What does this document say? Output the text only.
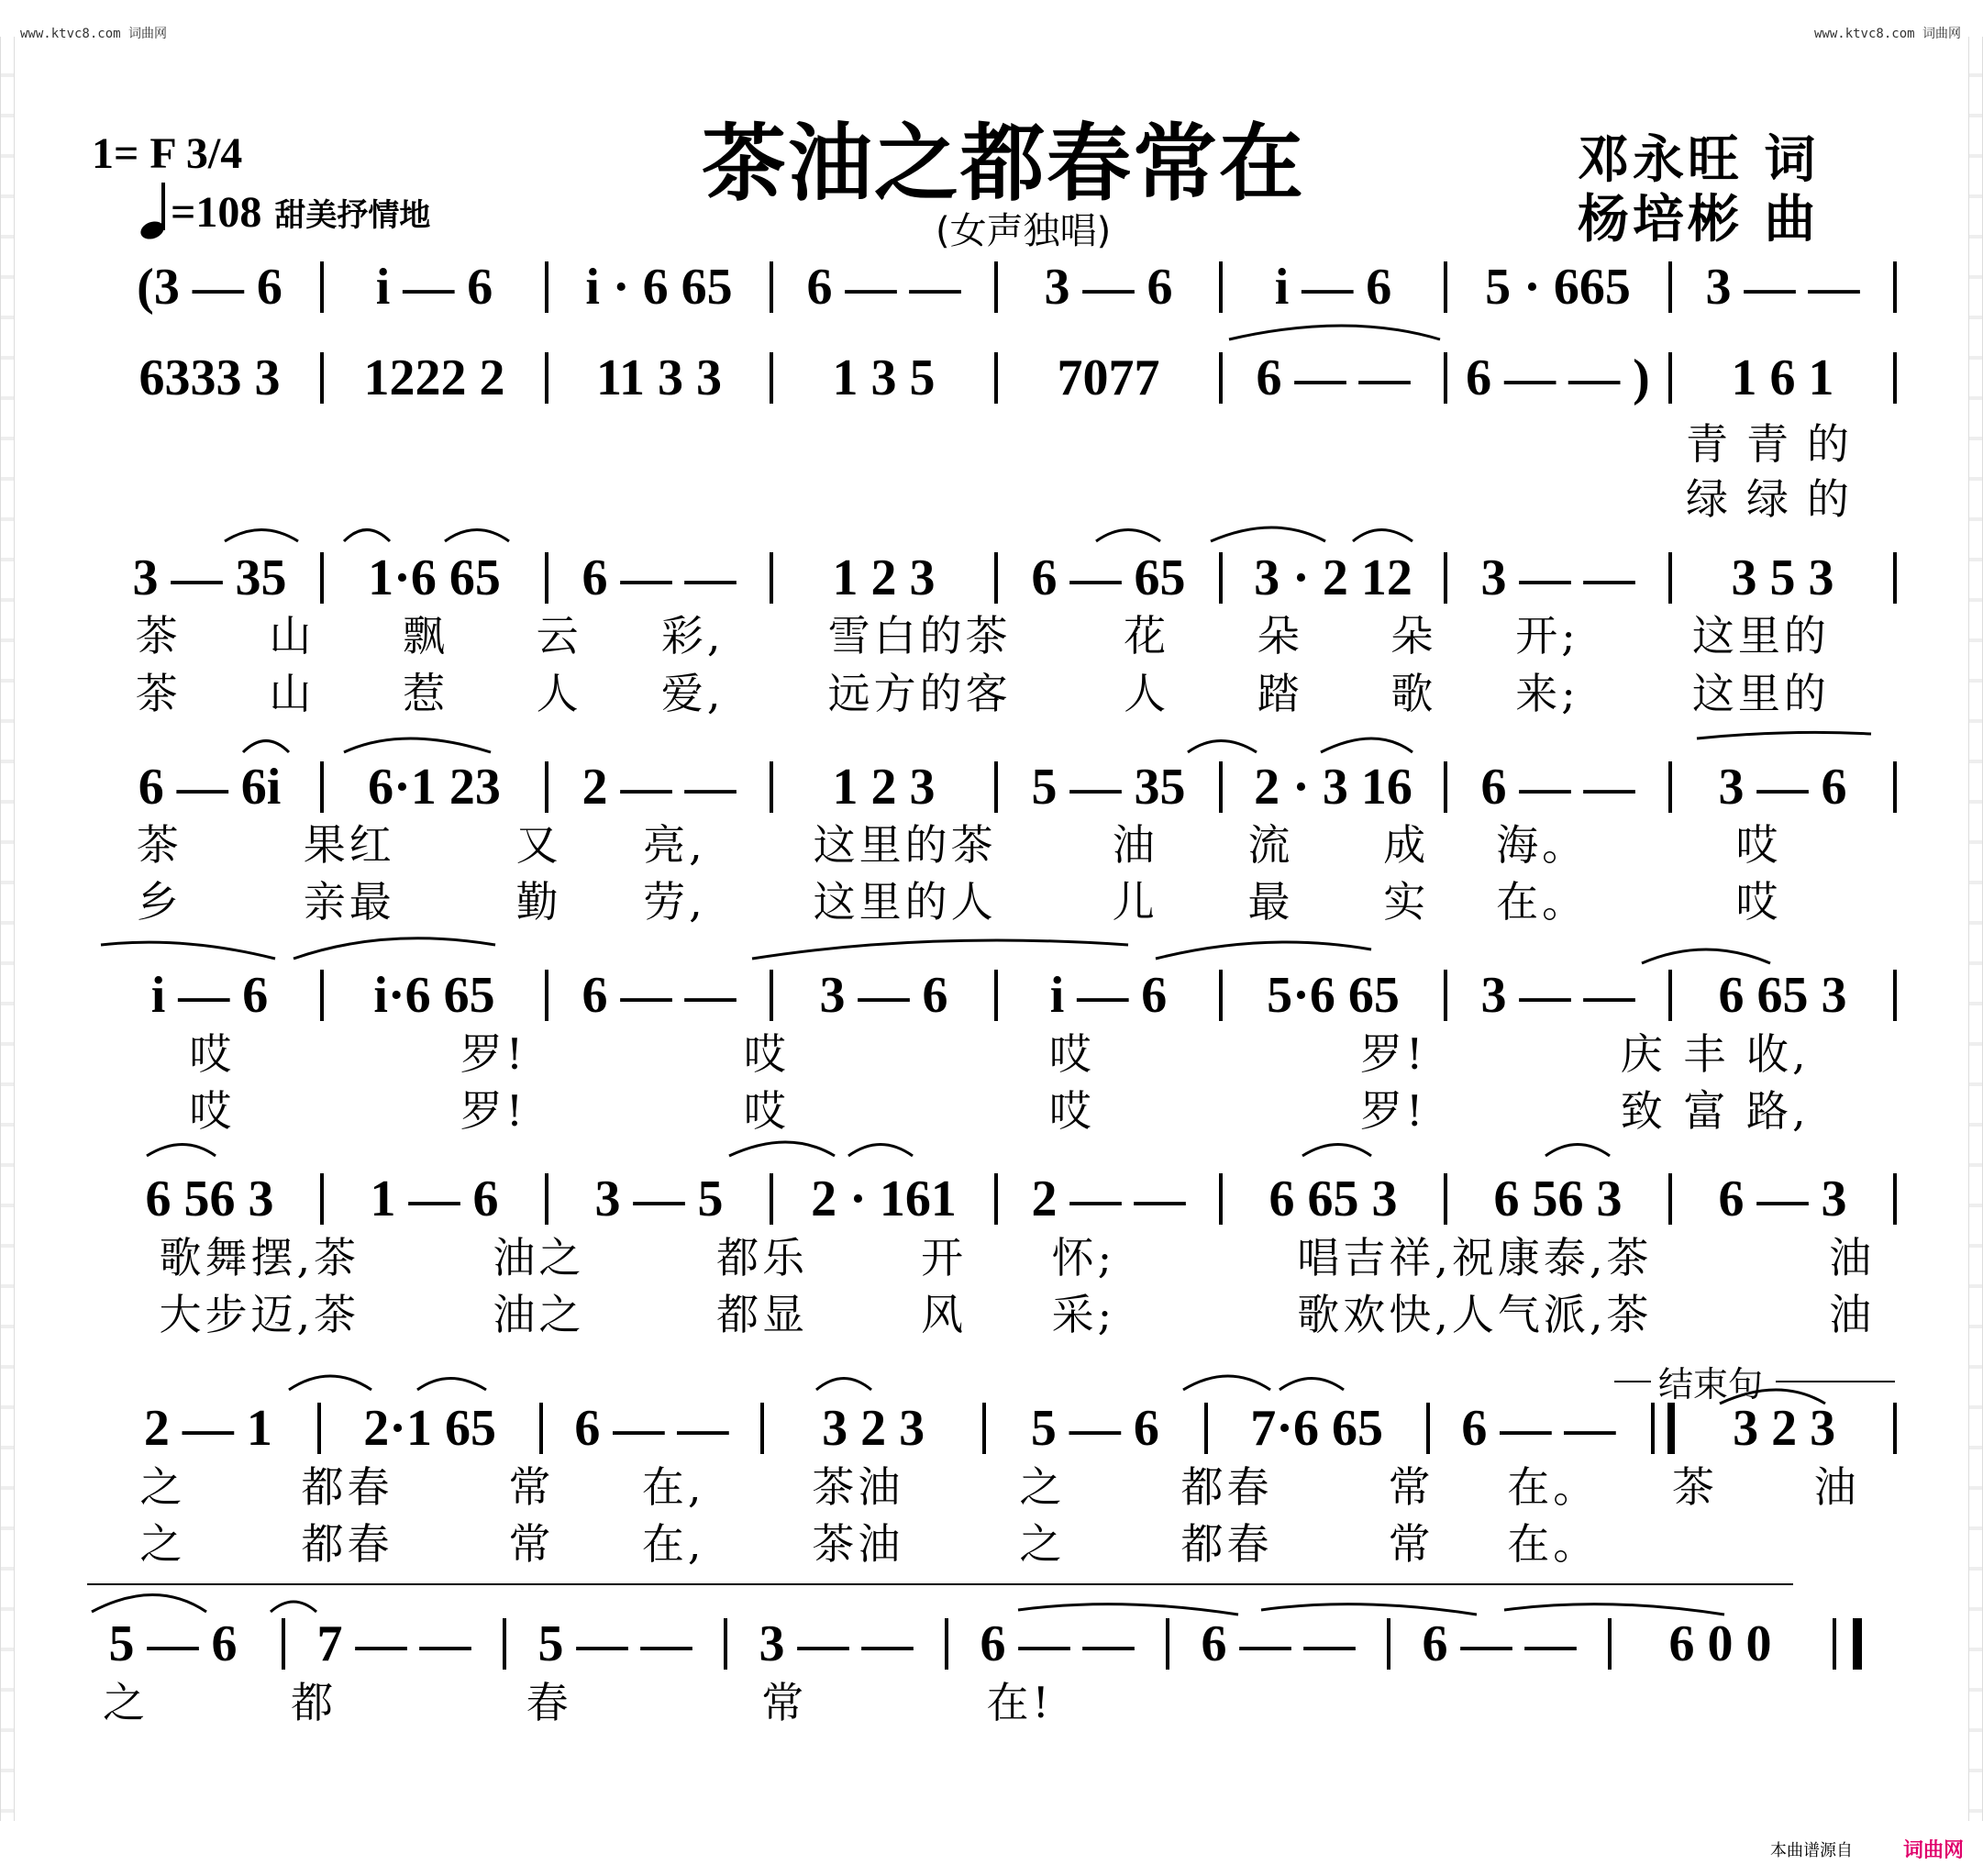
www.ktvc8.com 词曲网	www.ktvc8.com 词曲网
1= F 3/4
=108 甜美抒情地
茶油之都春常在
(女声独唱)
邓永旺 词
杨培彬 曲
(3 — 6	i — 6	i · 6 65	6 — —	3 — 6	i — 6	5 · 665	3 — —
6333 3	1222 2	11 3 3	1 3 5	7077	6 — —	6 — — )	1 6 1
青青的
绿绿的
3 — 35	1·6 65	6 — —	1 2 3	6 — 65	3 · 2 12	3 — —	3 5 3
茶	山	飘	云	彩,	雪白的茶	花	朵	朵	开;	这里的
茶	山	惹	人	爱,	远方的客	人	踏	歌	来;	这里的
6 — 6i	6·1 23	2 — —	1 2 3	5 — 35	2 · 3 16	6 — —	3 — 6
茶	果红	又	亮,	这里的茶	油	流	成	海。	哎
乡	亲最	勤	劳,	这里的人	儿	最	实	在。	哎
i — 6	i·6 65	6 — —	3 — 6	i — 6	5·6 65	3 — —	6 65 3
哎	罗!	哎	哎	罗!	庆 丰 收,
哎	罗!	哎	哎	罗!	致 富 路,
6 56 3	1 — 6	3 — 5	2 · 161	2 — —	6 65 3	6 56 3	6 — 3
歌舞摆,茶	油之	都乐	开	怀;	唱吉祥,祝康泰,茶	油
大步迈,茶	油之	都显	风	采;	歌欢快,人气派,茶	油
结束句
2 — 1	2·1 65	6 — —	3 2 3	5 — 6	7·6 65	6 — —	3 2 3
之	都春	常	在,	茶油	之	都春	常	在。	茶	油
之	都春	常	在,	茶油	之	都春	常	在。
5 — 6	7 — —	5 — —	3 — —	6 — —	6 — —	6 — —	6 0 0
之	都	春	常	在!
本曲谱源自	词曲网
